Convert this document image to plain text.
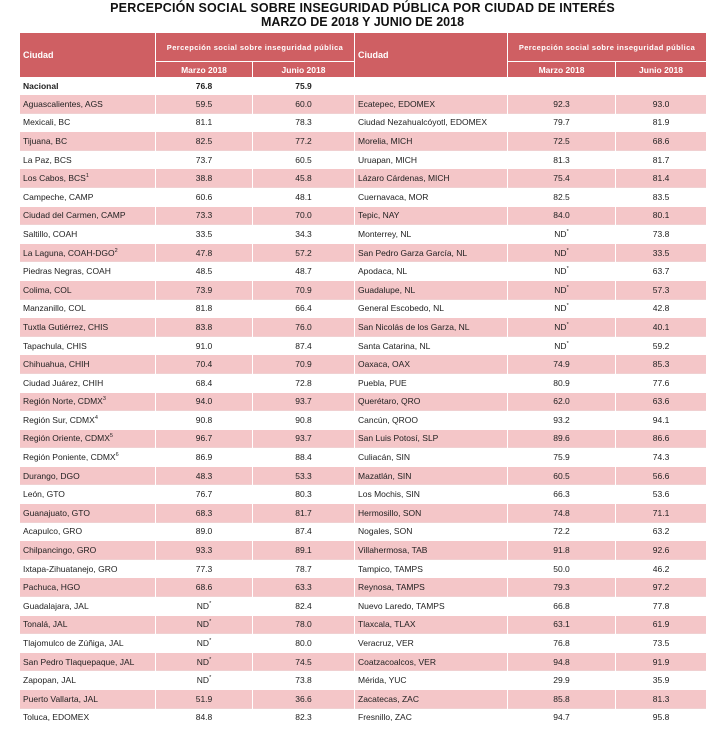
PERCEPCIÓN SOCIAL SOBRE INSEGURIDAD PÚBLICA POR CIUDAD DE INTERÉS
MARZO DE 2018 Y JUNIO DE 2018
Ciudad	Percepción social sobre inseguridad pública		Ciudad	Percepción social sobre inseguridad pública	
	Marzo 2018	Junio 2018		Marzo 2018	Junio 2018
Nacional	76.8	75.9			
Aguascalientes, AGS	59.5	60.0	Ecatepec, EDOMEX	92.3	93.0
Mexicali, BC	81.1	78.3	Ciudad Nezahualcóyotl, EDOMEX	79.7	81.9
Tijuana, BC	82.5	77.2	Morelia, MICH	72.5	68.6
La Paz, BCS	73.7	60.5	Uruapan, MICH	81.3	81.7
Los Cabos, BCS$^1$	38.8	45.8	Lázaro Cárdenas, MICH	75.4	81.4
Campeche, CAMP	60.6	48.1	Cuernavaca, MOR	82.5	83.5
Ciudad del Carmen, CAMP	73.3	70.0	Tepic, NAY	84.0	80.1
Saltillo, COAH	33.5	34.3	Monterrey, NL	ND*	73.8
La Laguna, COAH-DGO$^2$	47.8	57.2	San Pedro Garza García, NL	ND*	33.5
Piedras Negras, COAH	48.5	48.7	Apodaca, NL	ND*	63.7
Colima, COL	73.9	70.9	Guadalupe, NL	ND*	57.3
Manzanillo, COL	81.8	66.4	General Escobedo, NL	ND*	42.8
Tuxtla Gutiérrez, CHIS	83.8	76.0	San Nicolás de los Garza, NL	ND*	40.1
Tapachula, CHIS	91.0	87.4	Santa Catarina, NL	ND*	59.2
Chihuahua, CHIH	70.4	70.9	Oaxaca, OAX	74.9	85.3
Ciudad Juárez, CHIH	68.4	72.8	Puebla, PUE	80.9	77.6
Región Norte, CDMX$^3$	94.0	93.7	Querétaro, QRO	62.0	63.6
Región Sur, CDMX$^4$	90.8	90.8	Cancún, QROO	93.2	94.1
Región Oriente, CDMX$^5$	96.7	93.7	San Luis Potosí, SLP	89.6	86.6
Región Poniente, CDMX$^6$	86.9	88.4	Culiacán, SIN	75.9	74.3
Durango, DGO	48.3	53.3	Mazatlán, SIN	60.5	56.6
León, GTO	76.7	80.3	Los Mochis, SIN	66.3	53.6
Guanajuato, GTO	68.3	81.7	Hermosillo, SON	74.8	71.1
Acapulco, GRO	89.0	87.4	Nogales, SON	72.2	63.2
Chilpancingo, GRO	93.3	89.1	Villahermosa, TAB	91.8	92.6
Ixtapa-Zihuatanejo, GRO	77.3	78.7	Tampico, TAMPS	50.0	46.2
Pachuca, HGO	68.6	63.3	Reynosa, TAMPS	79.3	97.2
Guadalajara, JAL	ND*	82.4	Nuevo Laredo, TAMPS	66.8	77.8
Tonalá, JAL	ND*	78.0	Tlaxcala, TLAX	63.1	61.9
Tlajomulco de Zúñiga, JAL	ND*	80.0	Veracruz, VER	76.8	73.5
San Pedro Tlaquepaque, JAL	ND*	74.5	Coatzacoalcos, VER	94.8	91.9
Zapopan, JAL	ND*	73.8	Mérida, YUC	29.9	35.9
Puerto Vallarta, JAL	51.9	36.6	Zacatecas, ZAC	85.8	81.3
Toluca, EDOMEX	84.8	82.3	Fresnillo, ZAC	94.7	95.8
